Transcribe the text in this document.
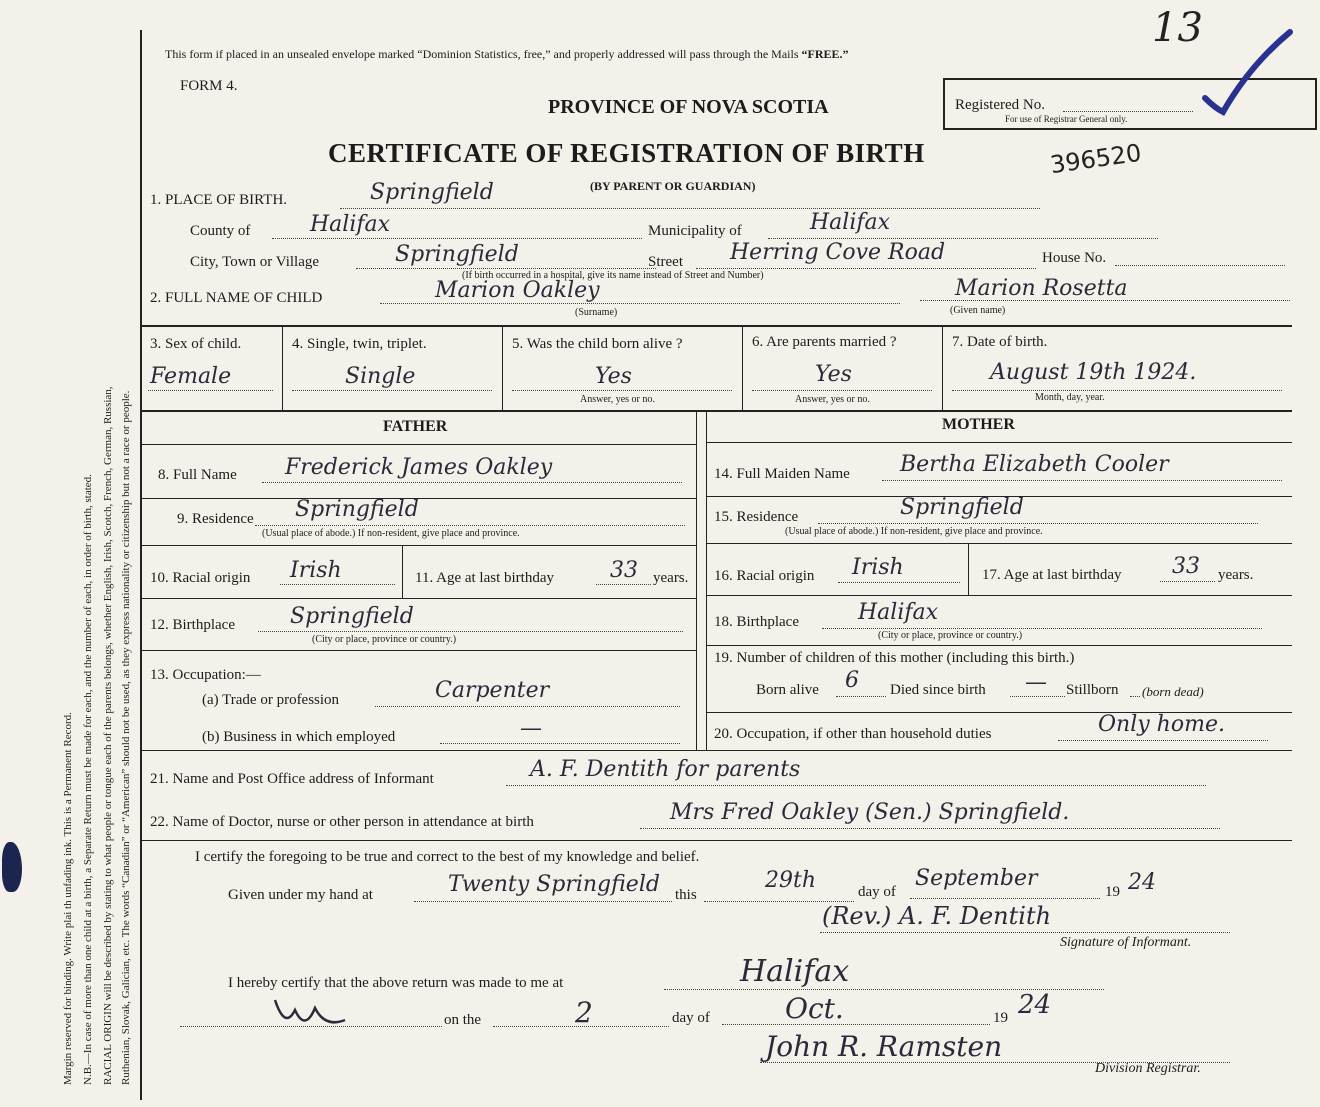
Margin reserved for binding. Write plai th unfading ink. This is a Permanent Record. N.B.—In case of more than one child at a birth, a Separate Return must be made for each, and the number of each, in order of birth, stated. RACIAL ORIGIN will be described by stating to what people or tongue each of the parents belongs, whether English, Irish, Scotch, French, German, Russian, Ruthenian, Slovak, Galician, etc. The words “Canadian” or “American” should not be used, as they express nationality or citizenship but not a race or people.
This form if placed in an unsealed envelope marked “Dominion Statistics, free,” and properly addressed will pass through the Mails “FREE.”
FORM 4.
PROVINCE OF NOVA SCOTIA
CERTIFICATE OF REGISTRATION OF BIRTH
(BY PARENT OR GUARDIAN)
Registered No.
For use of Registrar General only.
13
396520
1. PLACE OF BIRTH.	Springfield
County of	Halifax	Municipality of	Halifax
City, Town or Village	Springfield	Street Herring Cove Road	House No.
(If birth occurred in a hospital, give its name instead of Street and Number)
2. FULL NAME OF CHILD	Marion Oakley
(Surname)
Marion Rosetta
(Given name)
3. Sex of child.
Female
4. Single, twin, triplet.
Single
5. Was the child born alive ?
Yes
Answer, yes or no.
6. Are parents married ?
Yes
Answer, yes or no.
7. Date of birth.
August 19th 1924.
Month, day, year.
FATHER	MOTHER
8. Full Name Frederick James Oakley
9. Residence Springfield
(Usual place of abode.) If non-resident, give place and province.
10. Racial origin Irish	11. Age at last birthday	33 years.
12. Birthplace	Springfield
(City or place, province or country.)
13. Occupation:—
(a) Trade or profession	Carpenter
(b) Business in which employed	—
14. Full Maiden Name Bertha Elizabeth Cooler
15. Residence	Springfield
(Usual place of abode.) If non-resident, give place and province.
16. Racial origin Irish	17. Age at last birthday 33 years.
18. Birthplace	Halifax
(City or place, province or country.)
19. Number of children of this mother (including this birth.)
Born alive 6 Died since birth — Stillborn (born dead)
20. Occupation, if other than household duties	Only home.
21. Name and Post Office address of Informant	A. F. Dentith for parents
22. Name of Doctor, nurse or other person in attendance at birth	Mrs Fred Oakley (Sen.) Springfield.
I certify the foregoing to be true and correct to the best of my knowledge and belief.
Given under my hand at	Twenty Springfield this
29th	day of
September
19 24
(Rev.) A. F. Dentith
Signature of Informant.
I hereby certify that the above return was made to me at	Halifax
on the	2	day of	Oct.	19 24
John R. Ramsten
Division Registrar.
